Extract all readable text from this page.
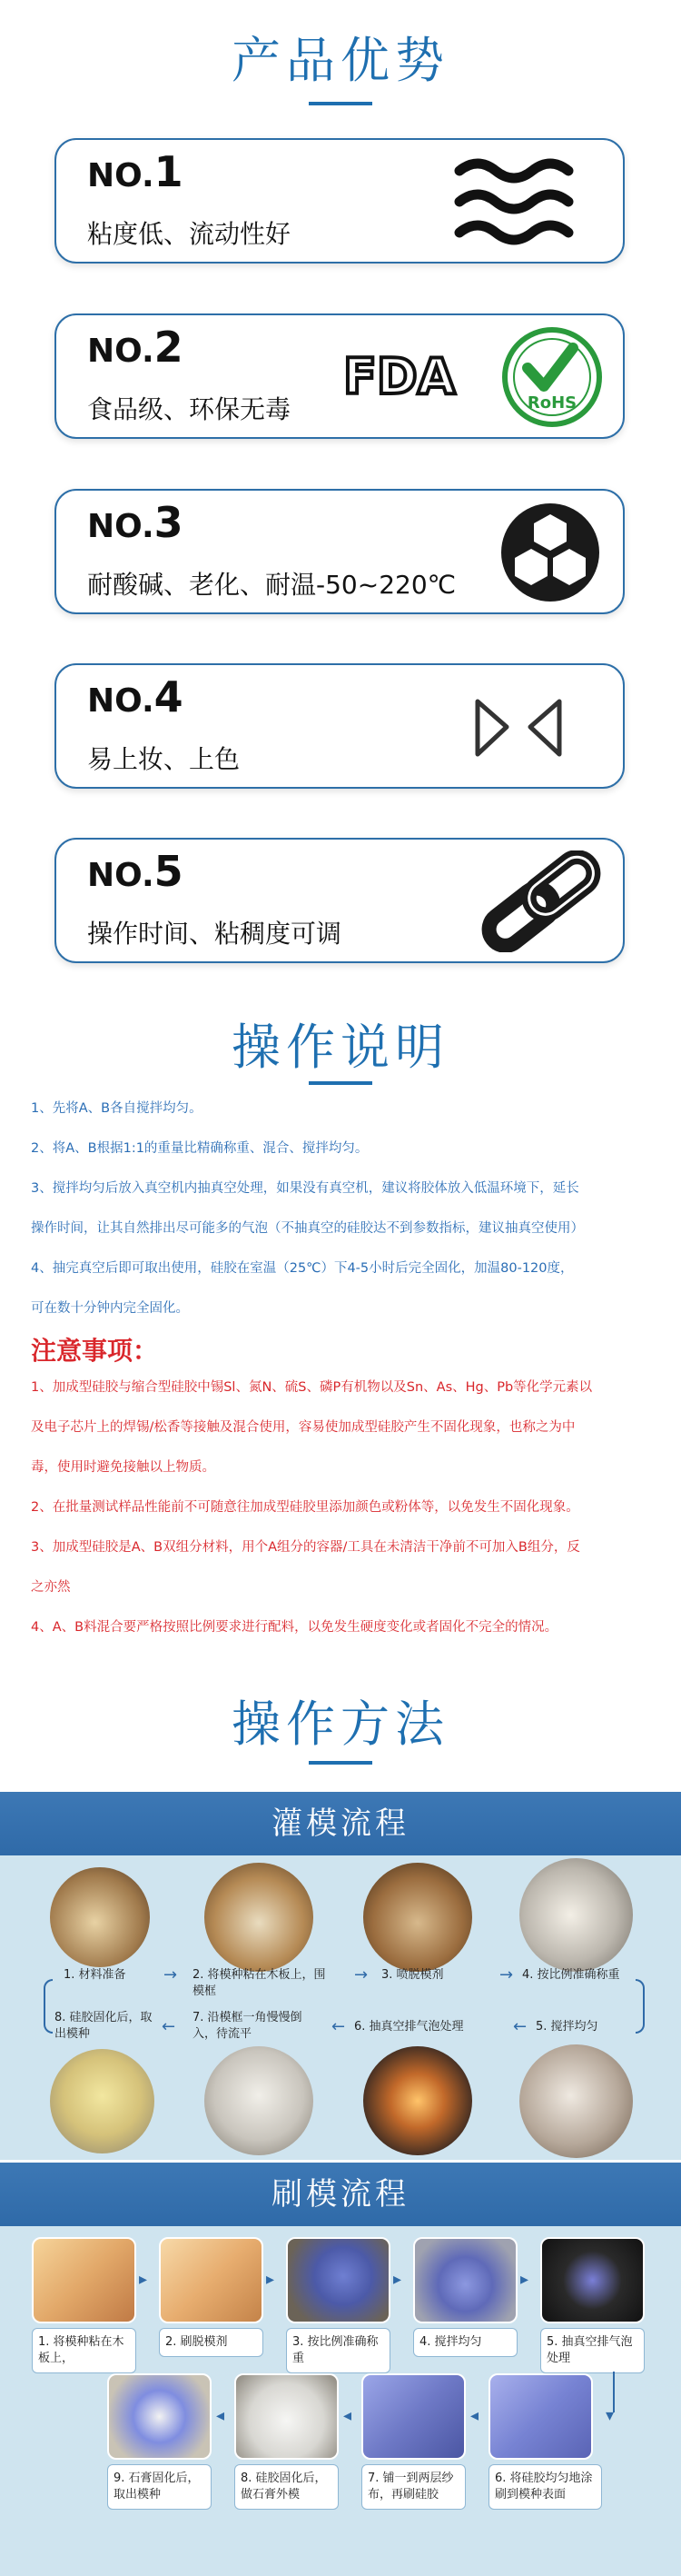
产品优势
NO.1
粘度低、流动性好
NO.2
食品级、环保无毒
FDA	RoHS
NO.3
耐酸碱、老化、耐温-50~220℃
NO.4
易上妆、上色
NO.5
操作时间、粘稠度可调
操作说明
1、先将A、B各自搅拌均匀。
2、将A、B根据1:1的重量比精确称重、混合、搅拌均匀。
3、搅拌均匀后放入真空机内抽真空处理，如果没有真空机，建议将胶体放入低温环境下，延长
操作时间，让其自然排出尽可能多的气泡（不抽真空的硅胶达不到参数指标，建议抽真空使用）
4、抽完真空后即可取出使用，硅胶在室温（25℃）下4-5小时后完全固化，加温80-120度，
可在数十分钟内完全固化。
注意事项：
1、加成型硅胶与缩合型硅胶中锡Sl、氮N、硫S、磷P有机物以及Sn、As、Hg、Pb等化学元素以
及电子芯片上的焊锡/松香等接触及混合使用，容易使加成型硅胶产生不固化现象，也称之为中
毒，使用时避免接触以上物质。
2、在批量测试样品性能前不可随意往加成型硅胶里添加颜色或粉体等，以免发生不固化现象。
3、加成型硅胶是A、B双组分材料，用个A组分的容器/工具在未清洁干净前不可加入B组分，反
之亦然
4、A、B料混合要严格按照比例要求进行配料，以免发生硬度变化或者固化不完全的情况。
操作方法
灌模流程
1. 材料准备	2. 将模种粘在木板上，围模框
3. 喷脱模剂	4. 按比例准确称重
→	→	→
8. 硅胶固化后，取出模种
7. 沿模框一角慢慢倒入，待流平
6. 抽真空排气泡处理	5. 搅拌均匀
←	←	←
刷模流程
1. 将模种粘在木板上，
2. 刷脱模剂	3. 按比例准确称重
4. 搅拌均匀	5. 抽真空排气泡处理
▸	▸	▸	▸
▾
9. 石膏固化后，取出模种
8. 硅胶固化后，做石膏外模
7. 铺一到两层纱布，再刷硅胶
6. 将硅胶均匀地涂刷到模种表面
◂	◂	◂
